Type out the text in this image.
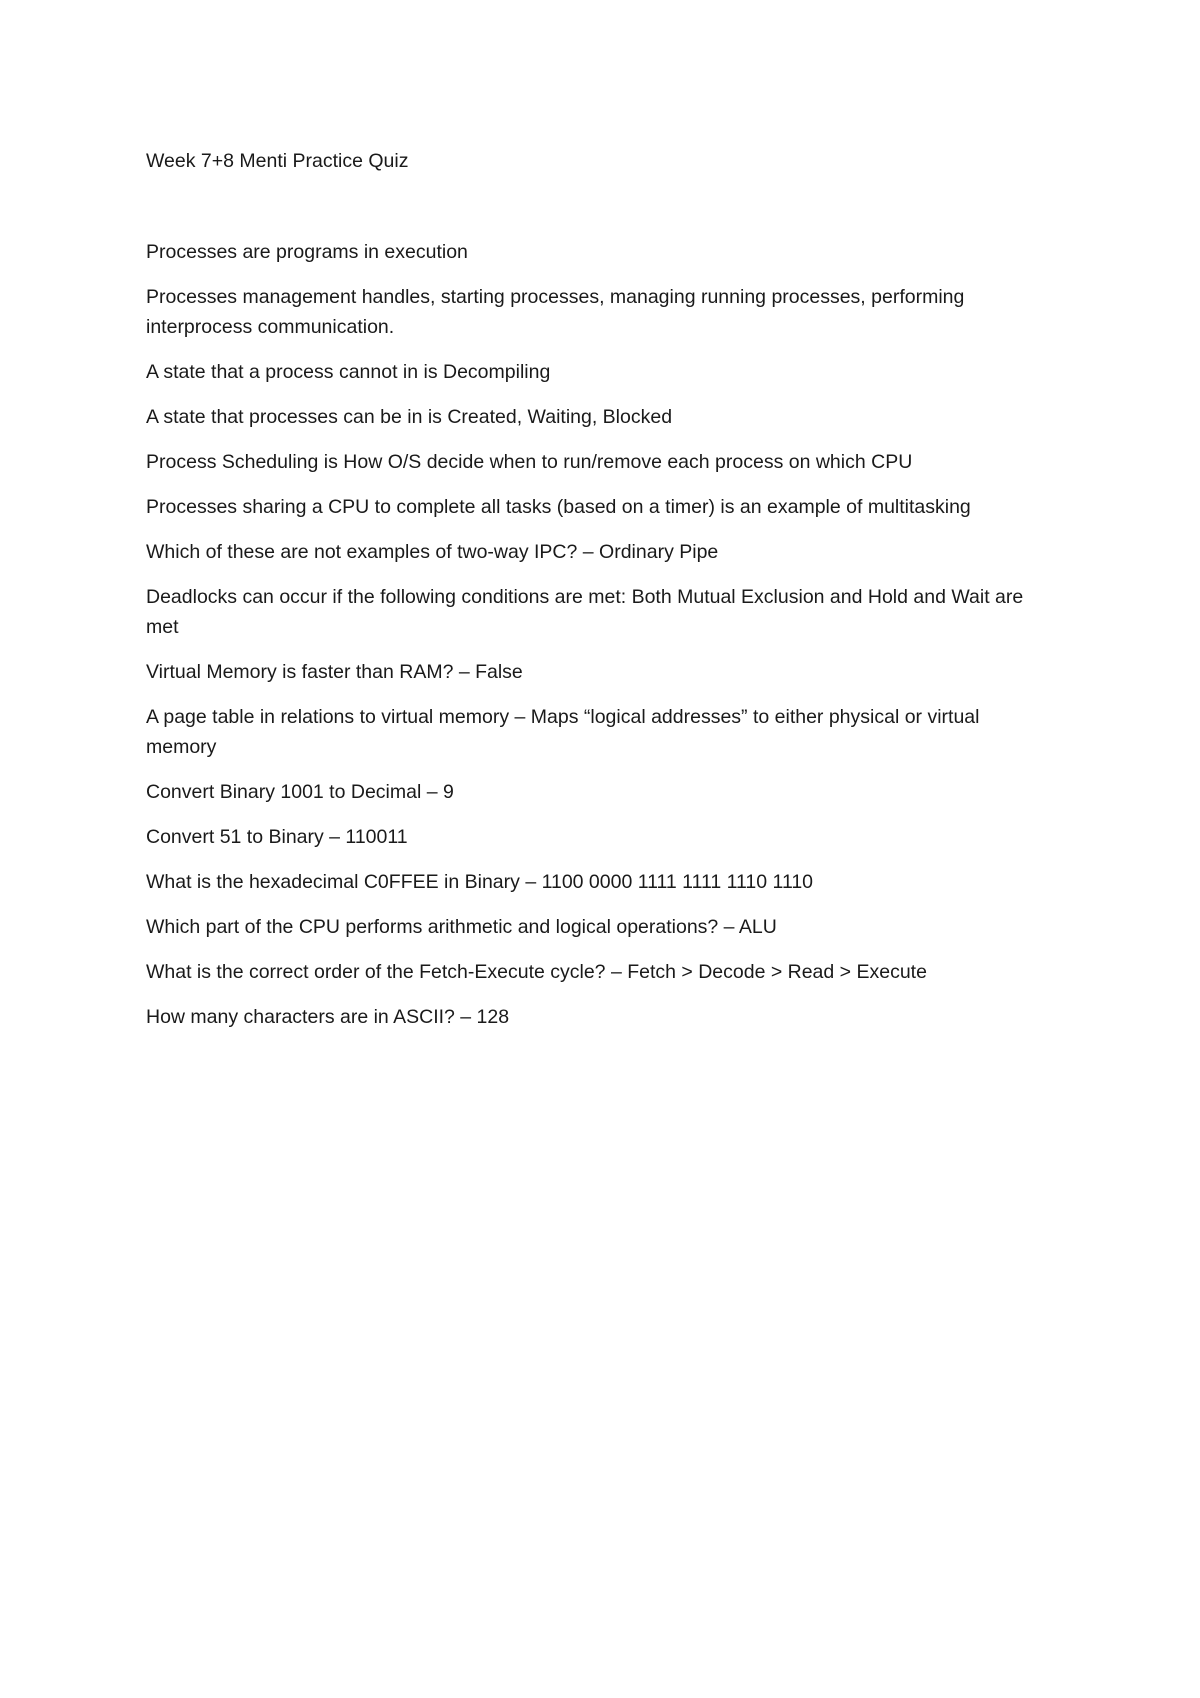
Week 7+8 Menti Practice Quiz
Processes are programs in execution
Processes management handles, starting processes, managing running processes, performing interprocess communication.
A state that a process cannot in is Decompiling
A state that processes can be in is Created, Waiting, Blocked
Process Scheduling is How O/S decide when to run/remove each process on which CPU
Processes sharing a CPU to complete all tasks (based on a timer) is an example of multitasking
Which of these are not examples of two-way IPC? – Ordinary Pipe
Deadlocks can occur if the following conditions are met: Both Mutual Exclusion and Hold and Wait are met
Virtual Memory is faster than RAM? – False
A page table in relations to virtual memory – Maps “logical addresses” to either physical or virtual memory
Convert Binary 1001 to Decimal – 9
Convert 51 to Binary – 110011
What is the hexadecimal C0FFEE in Binary – 1100 0000 1111 1111 1110 1110
Which part of the CPU performs arithmetic and logical operations? – ALU
What is the correct order of the Fetch-Execute cycle? – Fetch > Decode > Read > Execute
How many characters are in ASCII? – 128
